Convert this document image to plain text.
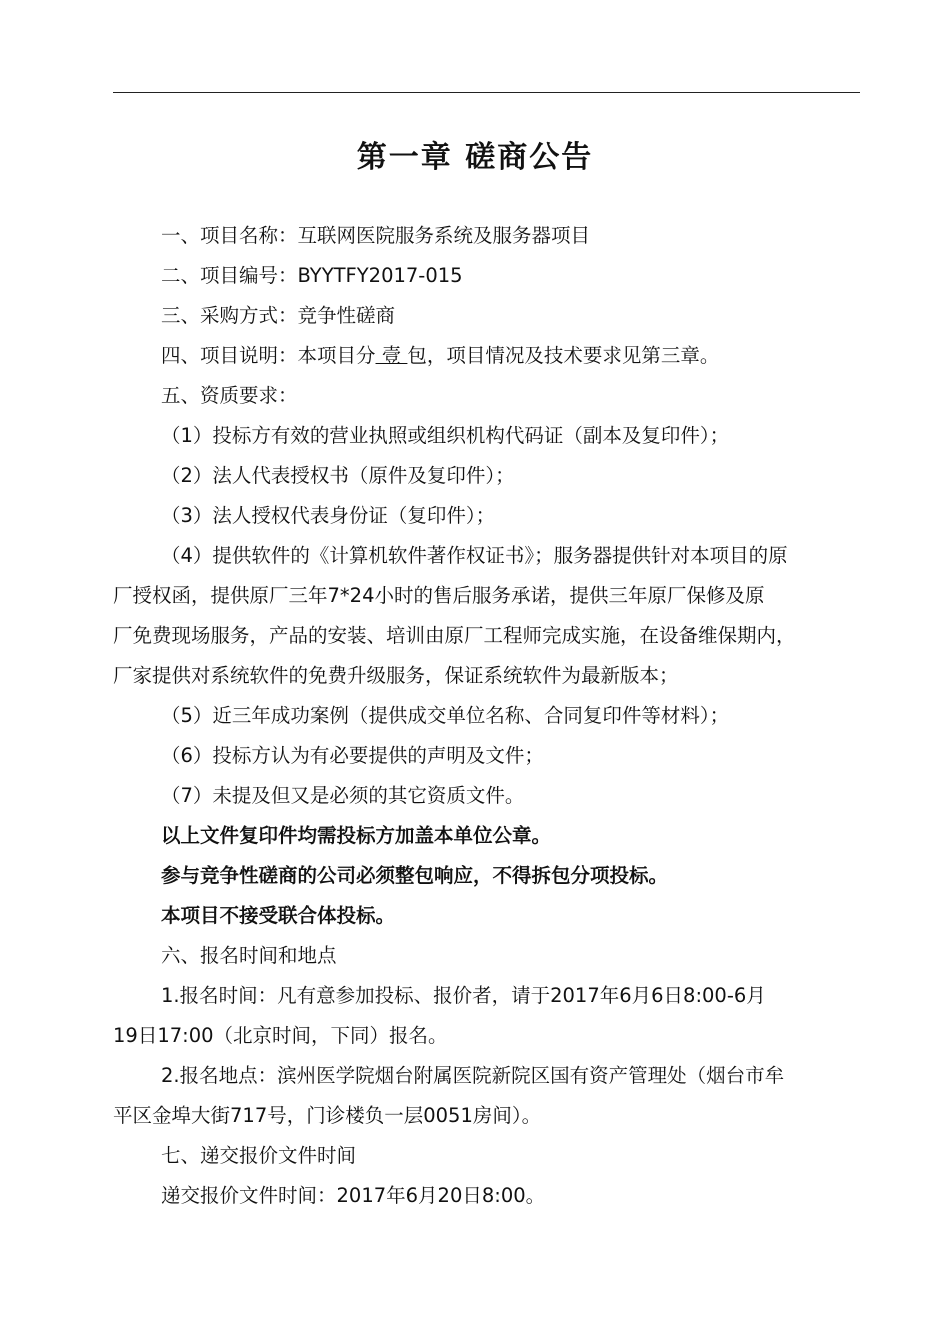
第一章 磋商公告
一、项目名称：互联网医院服务系统及服务器项目
二、项目编号：BYYTFY2017-015
三、采购方式：竞争性磋商
四、项目说明：本项目分 壹 包，项目情况及技术要求见第三章。
五、资质要求：
（1）投标方有效的营业执照或组织机构代码证（副本及复印件）；
（2）法人代表授权书（原件及复印件）；
（3）法人授权代表身份证（复印件）；
（4）提供软件的《计算机软件著作权证书》；服务器提供针对本项目的原
厂授权函，提供原厂三年7*24小时的售后服务承诺，提供三年原厂保修及原
厂免费现场服务，产品的安装、培训由原厂工程师完成实施，在设备维保期内，
厂家提供对系统软件的免费升级服务，保证系统软件为最新版本；
（5）近三年成功案例（提供成交单位名称、合同复印件等材料）；
（6）投标方认为有必要提供的声明及文件；
（7）未提及但又是必须的其它资质文件。
以上文件复印件均需投标方加盖本单位公章。
参与竞争性磋商的公司必须整包响应，不得拆包分项投标。
本项目不接受联合体投标。
六、报名时间和地点
1.报名时间：凡有意参加投标、报价者，请于2017年6月6日8:00-6月
19日17:00（北京时间，下同）报名。
2.报名地点：滨州医学院烟台附属医院新院区国有资产管理处（烟台市牟
平区金埠大街717号，门诊楼负一层0051房间）。
七、递交报价文件时间
递交报价文件时间：2017年6月20日8:00。
